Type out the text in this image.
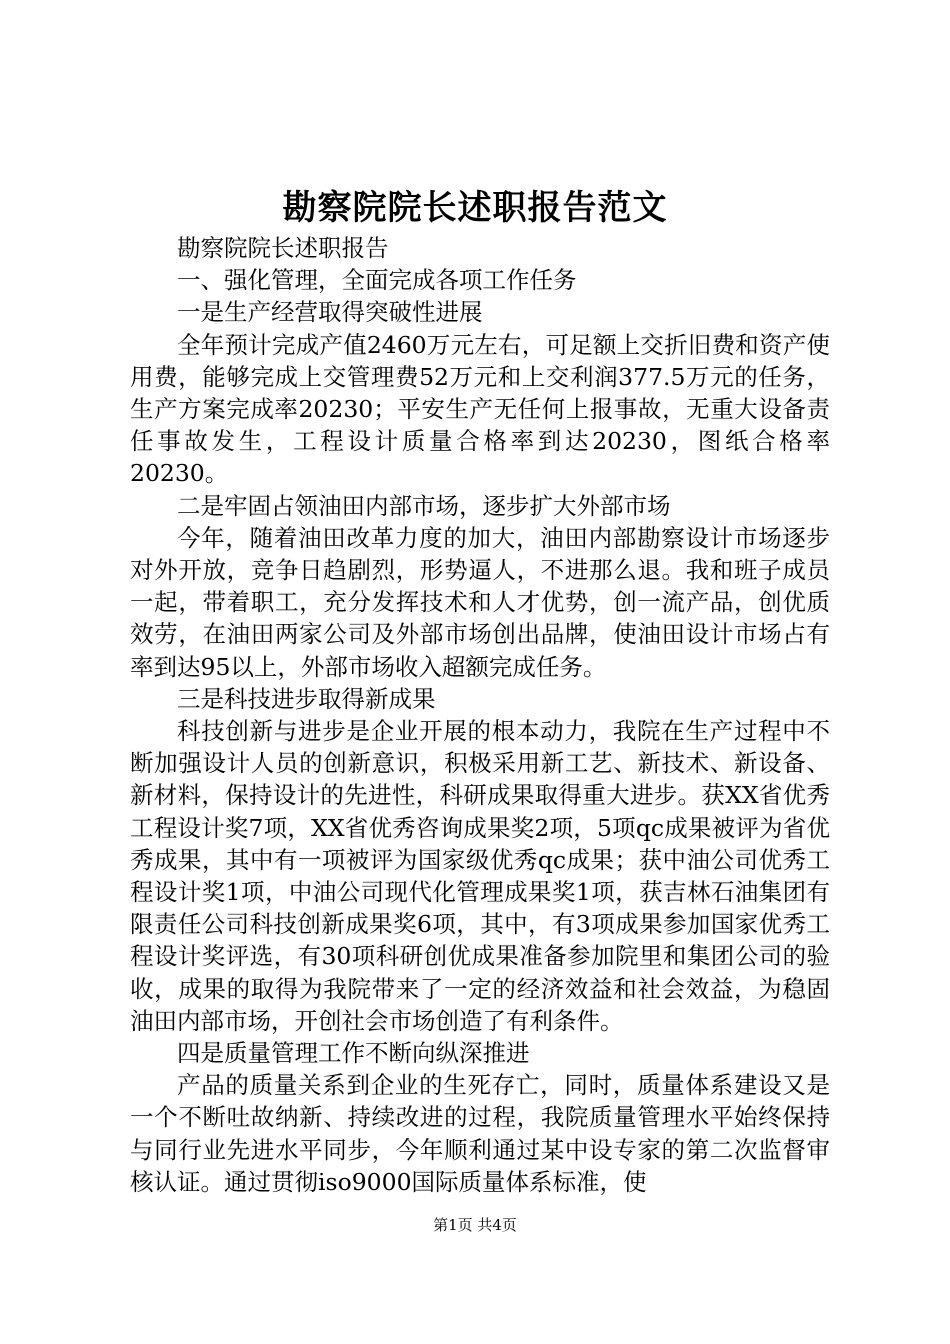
勘察院院长述职报告范文

勘察院院长述职报告

一、强化管理，全面完成各项工作任务

一是生产经营取得突破性进展

全年预计完成产值2460万元左右，可足额上交折旧费和资产使用费，能够完成上交管理费52万元和上交利润377.5万元的任务，生产方案完成率20230；平安生产无任何上报事故，无重大设备责任事故发生，工程设计质量合格率到达20230，图纸合格率20230。

二是牢固占领油田内部市场，逐步扩大外部市场

今年，随着油田改革力度的加大，油田内部勘察设计市场逐步对外开放，竞争日趋剧烈，形势逼人，不进那么退。我和班子成员一起，带着职工，充分发挥技术和人才优势，创一流产品，创优质效劳，在油田两家公司及外部市场创出品牌，使油田设计市场占有率到达95以上，外部市场收入超额完成任务。

三是科技进步取得新成果

科技创新与进步是企业开展的根本动力，我院在生产过程中不断加强设计人员的创新意识，积极采用新工艺、新技术、新设备、新材料，保持设计的先进性，科研成果取得重大进步。获XX省优秀工程设计奖7项，XX省优秀咨询成果奖2项，5项qc成果被评为省优秀成果，其中有一项被评为国家级优秀qc成果；获中油公司优秀工程设计奖1项，中油公司现代化管理成果奖1项，获吉林石油集团有限责任公司科技创新成果奖6项，其中，有3项成果参加国家优秀工程设计奖评选，有30项科研创优成果准备参加院里和集团公司的验收，成果的取得为我院带来了一定的经济效益和社会效益，为稳固油田内部市场，开创社会市场创造了有利条件。

四是质量管理工作不断向纵深推进

产品的质量关系到企业的生死存亡，同时，质量体系建设又是一个不断吐故纳新、持续改进的过程，我院质量管理水平始终保持与同行业先进水平同步，今年顺利通过某中设专家的第二次监督审核认证。通过贯彻iso9000国际质量体系标准，使

第1页 共4页
